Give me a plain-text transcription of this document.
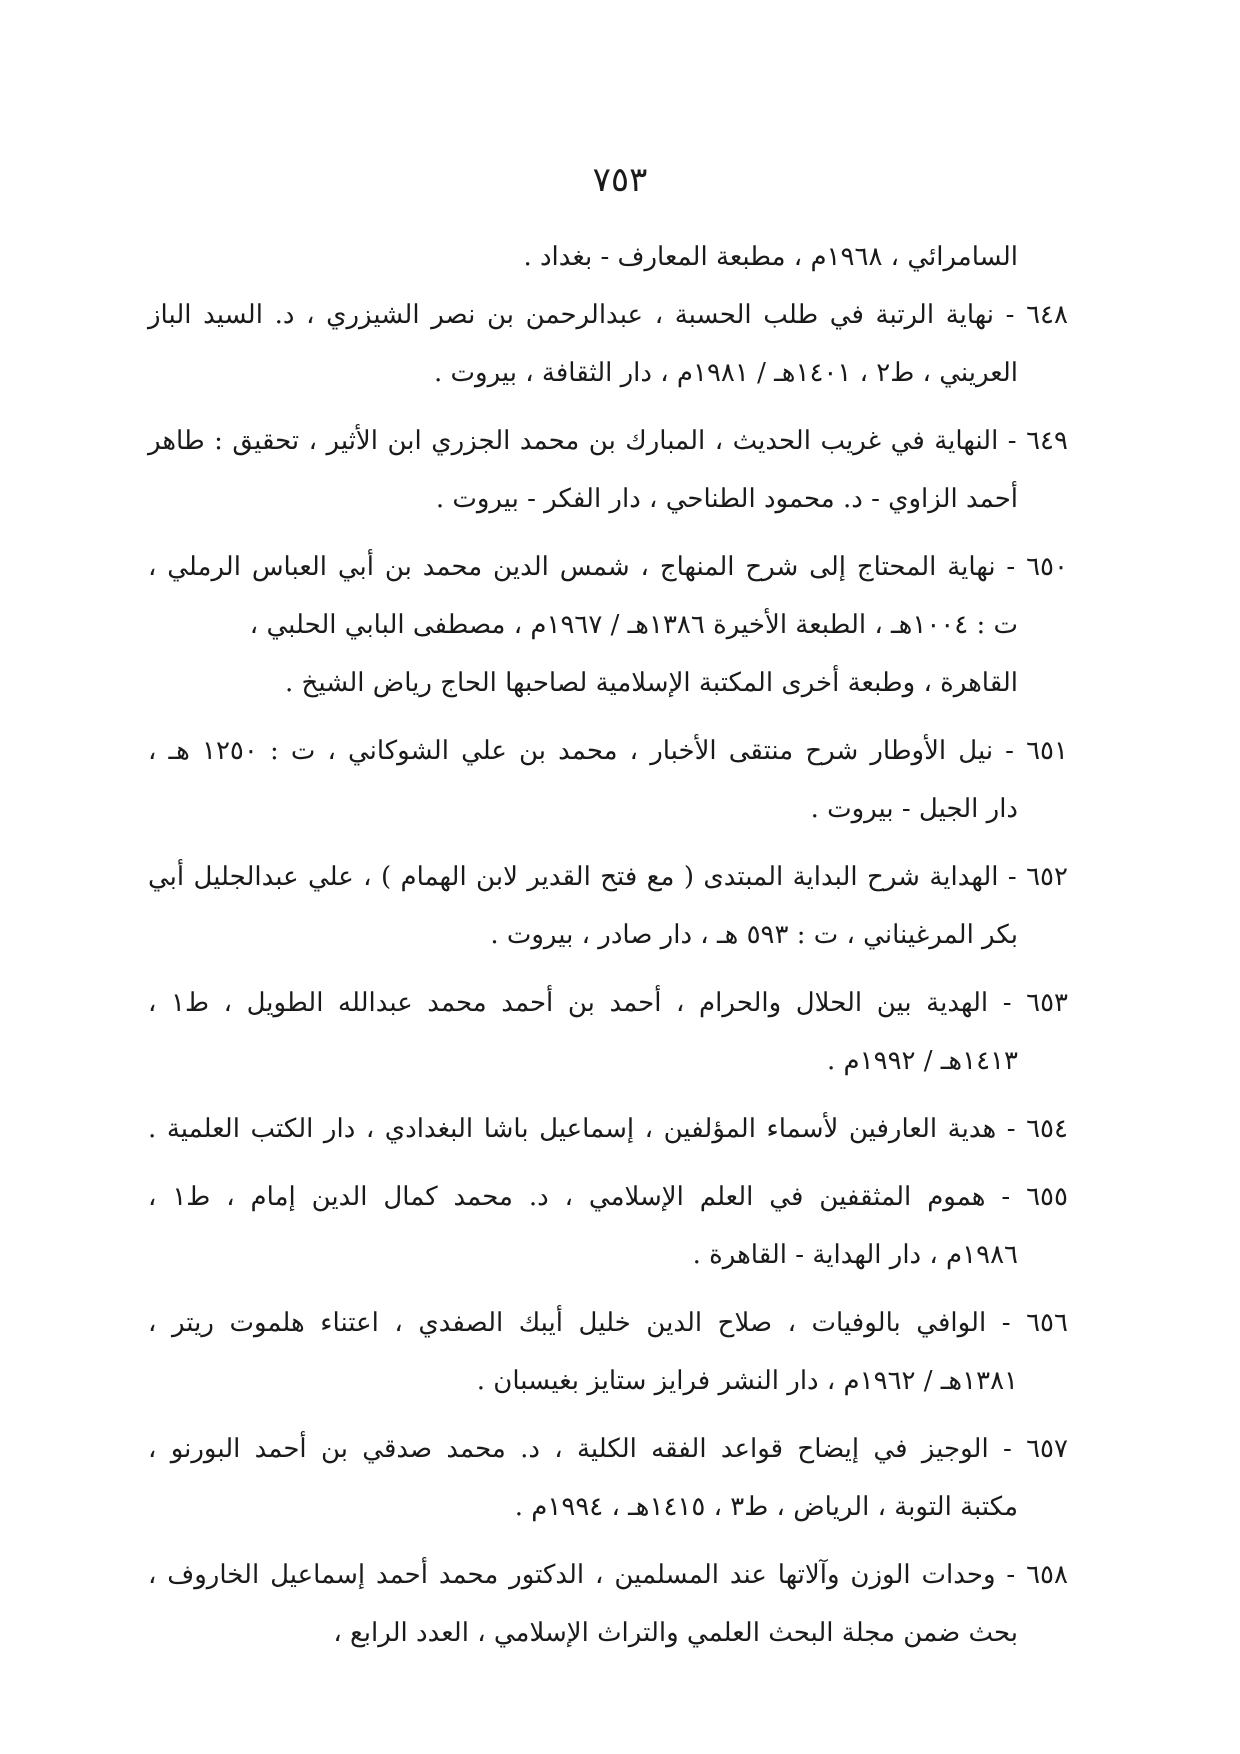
٧٥٣
السامرائي ، ١٩٦٨م ، مطبعة المعارف - بغداد .
٦٤٨ - نهاية الرتبة في طلب الحسبة ، عبدالرحمن بن نصر الشيزري ، د. السيد الباز
العريني ، ط٢ ، ١٤٠١هـ / ١٩٨١م ، دار الثقافة ، بيروت .
٦٤٩ - النهاية في غريب الحديث ، المبارك بن محمد الجزري ابن الأثير ، تحقيق : طاهر
أحمد الزاوي - د. محمود الطناحي ، دار الفكر - بيروت .
٦٥٠ - نهاية المحتاج إلى شرح المنهاج ، شمس الدين محمد بن أبي العباس الرملي ،
ت : ١٠٠٤هـ ، الطبعة الأخيرة ١٣٨٦هـ / ١٩٦٧م ، مصطفى البابي الحلبي ،
القاهرة ، وطبعة أخرى المكتبة الإسلامية لصاحبها الحاج رياض الشيخ .
٦٥١ - نيل الأوطار شرح منتقى الأخبار ، محمد بن علي الشوكاني ، ت : ١٢٥٠ هـ ،
دار الجيل - بيروت .
٦٥٢ - الهداية شرح البداية المبتدى ( مع فتح القدير لابن الهمام ) ، علي عبدالجليل أبي
بكر المرغيناني ، ت : ٥٩٣ هـ ، دار صادر ، بيروت .
٦٥٣ - الهدية بين الحلال والحرام ، أحمد بن أحمد محمد عبدالله الطويل ، ط١ ،
١٤١٣هـ / ١٩٩٢م .
٦٥٤ - هدية العارفين لأسماء المؤلفين ، إسماعيل باشا البغدادي ، دار الكتب العلمية .
٦٥٥ - هموم المثقفين في العلم الإسلامي ، د. محمد كمال الدين إمام ، ط١ ،
١٩٨٦م ، دار الهداية - القاهرة .
٦٥٦ - الوافي بالوفيات ، صلاح الدين خليل أيبك الصفدي ، اعتناء هلموت ريتر ،
١٣٨١هـ / ١٩٦٢م ، دار النشر فرايز ستايز بغيسبان .
٦٥٧ - الوجيز في إيضاح قواعد الفقه الكلية ، د. محمد صدقي بن أحمد البورنو ،
مكتبة التوبة ، الرياض ، ط٣ ، ١٤١٥هـ ، ١٩٩٤م .
٦٥٨ - وحدات الوزن وآلاتها عند المسلمين ، الدكتور محمد أحمد إسماعيل الخاروف ،
بحث ضمن مجلة البحث العلمي والتراث الإسلامي ، العدد الرابع ،
